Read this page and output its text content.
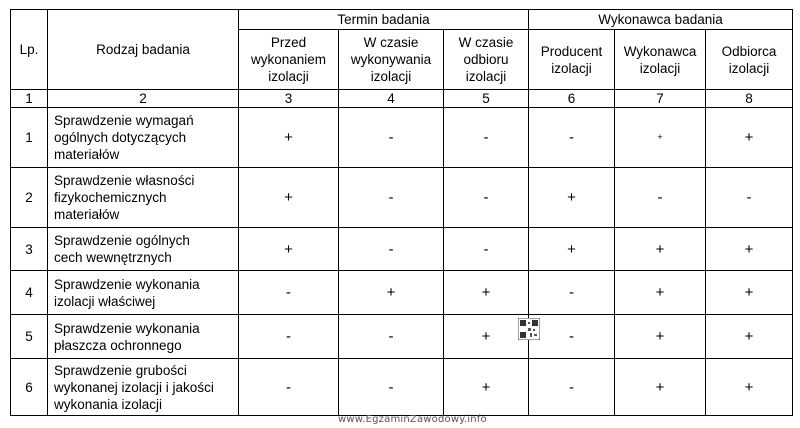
Lp.	Rodzaj badania	Termin badania			Wykonawca badania		
		Przed
wykonaniem
izolacji	W czasie
wykonywania
izolacji	W czasie
odbioru
izolacji	Producent
izolacji	Wykonawca
izolacji	Odbiorca
izolacji
1	2	3	4	5	6	7	8
1	Sprawdzenie wymagań
ogólnych dotyczących
materiałów	+	-	-	-	+	+
2	Sprawdzenie własności
fizykochemicznych
materiałów	+	-	-	+	-	-
3	Sprawdzenie ogólnych
cech wewnętrznych	+	-	-	+	+	+
4	Sprawdzenie wykonania
izolacji właściwej	-	+	+	-	+	+
5	Sprawdzenie wykonania
płaszcza ochronnego	-	-	+	-	+	+
6	Sprawdzenie grubości
wykonanej izolacji i jakości
wykonania izolacji	-	-	+	-	+	+
www.EgzaminZawodowy.info
